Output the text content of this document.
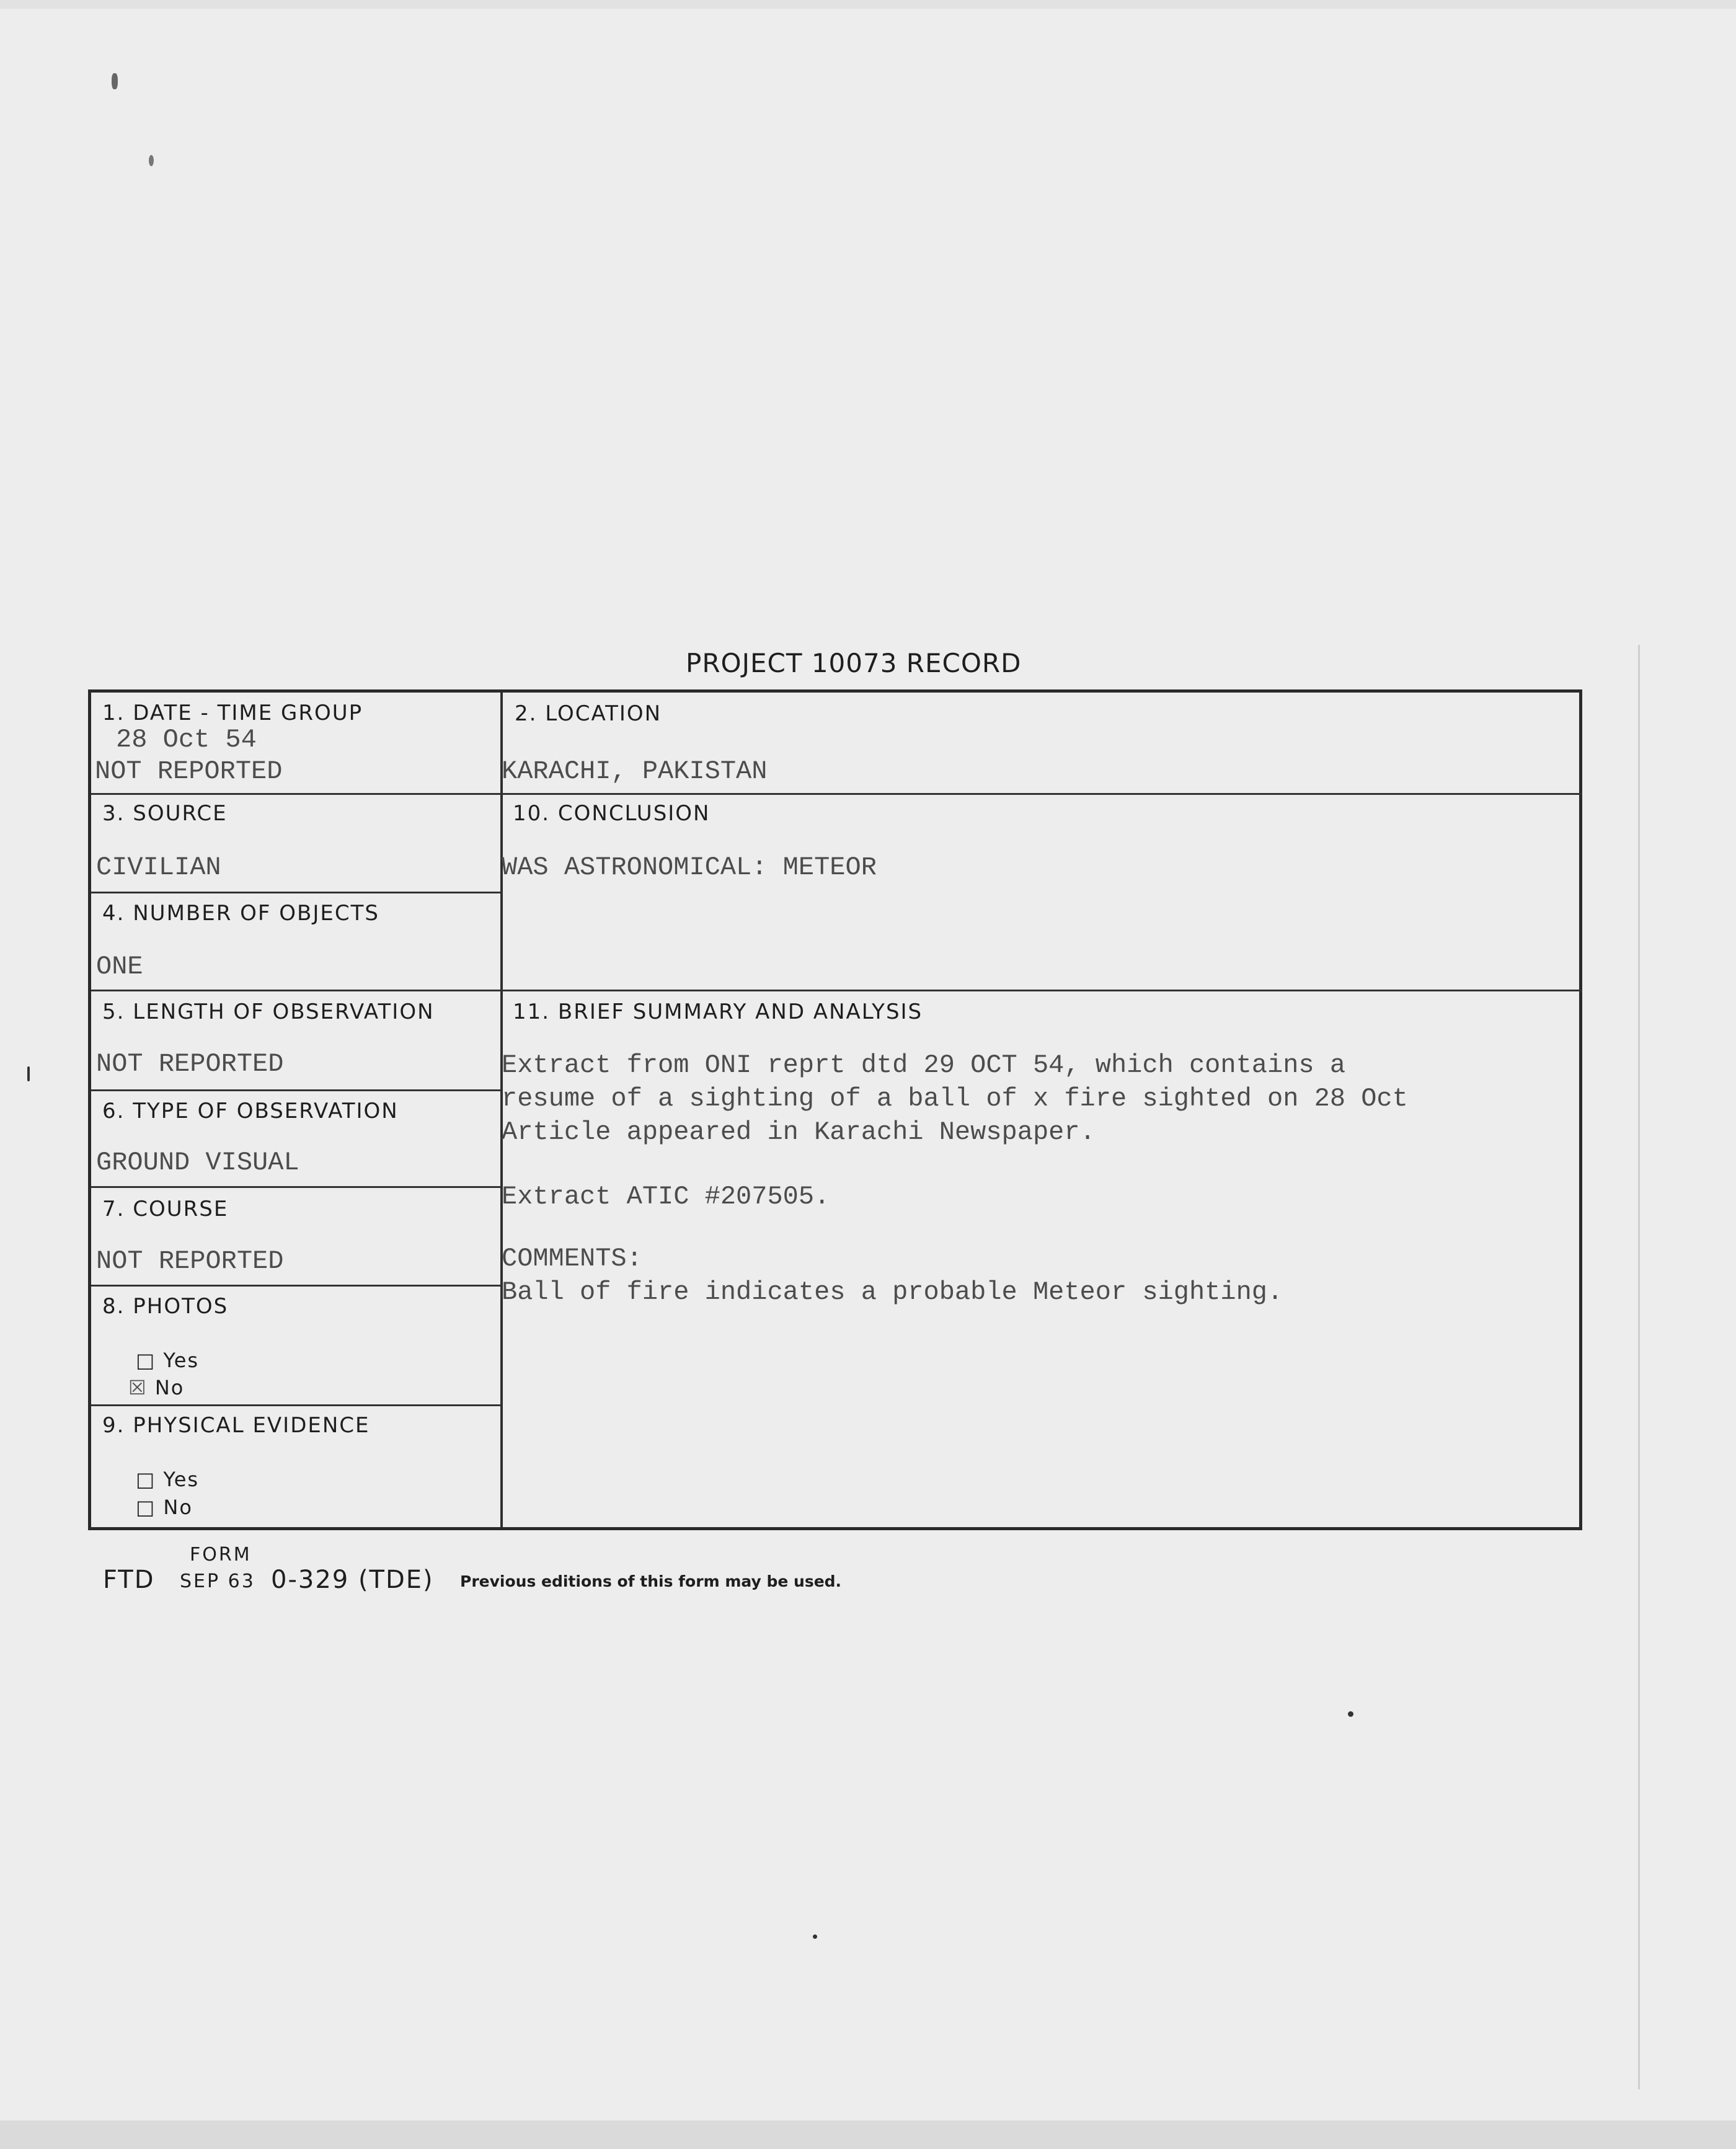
PROJECT 10073 RECORD
1. DATE - TIME GROUP
28 Oct 54
NOT REPORTED
2. LOCATION
KARACHI, PAKISTAN
3. SOURCE
CIVILIAN
10. CONCLUSION
WAS ASTRONOMICAL: METEOR
4. NUMBER OF OBJECTS
ONE
5. LENGTH OF OBSERVATION
NOT REPORTED
11. BRIEF SUMMARY AND ANALYSIS
Extract from ONI reprt dtd 29 OCT 54, which contains a
resume of a sighting of a ball of x fire sighted on 28 Oct
Article appeared in Karachi Newspaper.
Extract ATIC #207505.
COMMENTS:
Ball of fire indicates a probable Meteor sighting.
6. TYPE OF OBSERVATION
GROUND VISUAL
7. COURSE
NOT REPORTED
8. PHOTOS
□ Yes
☒ No
9. PHYSICAL EVIDENCE
□ Yes
□ No
FORM
FTD SEP 63 0-329 (TDE) Previous editions of this form may be used.
